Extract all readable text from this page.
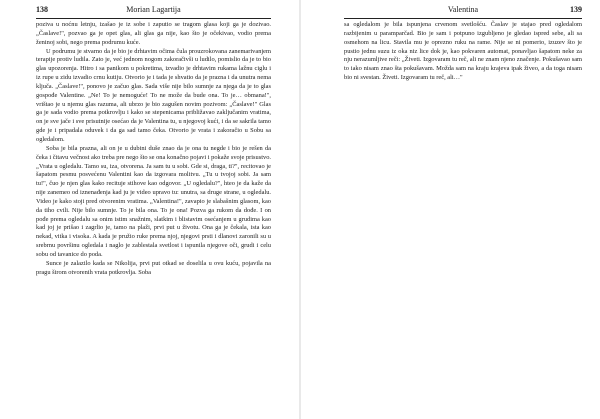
138	Morian Lagartija

poziva u noćnu letnju, izašao je iz sobe i zaputio se tragom glasa koji ga je dozivao. „Časlave!", pozvao ga je opet glas, ali glas ga nije, kao što je očekivao, vodio prema ženinoj sobi, nego prema podrumu kuće.

U podrumu je stvarno da je bio je drhtavim očima čula prouzrokovana zanemarivanjem terapije protiv ludila. Zato je, već jednom nogom zakoračivši u ludilo, pomislio da je to bio glas upozorenja. Hitro i sa panikom u pokretima, izvadio je drhtavim rukama lažnu ciglu i iz rupe u zidu izvadio crnu kutiju. Otvorio je i tada je shvatio da je prazna i da unutra nema ključa. „Časlave!", ponovo je začuo glas. Sada više nije bilo sumnje za njega da je to glas gospođe Valentine. „Ne! To je nemoguće! To ne može da bude ona. To je… obmana!", vrištao je u njemu glas razuma, ali ubrzo je bio zagušen novim pozivom: „Časlave!" Glas ga je sada vodio prema potkrovlju i kako se stepenicama približavao zaključanim vratima, on je sve jače i sve prisutnije osećao da je Valentina tu, u njegovoj kući, i da se sakrila tamo gde je i pripadala oduvek i da ga sad tamo čeka. Otvorio je vrata i zakoračio u Sobu sa ogledalom.

Soba je bila prazna, ali on je u dubini duše znao da je ona tu negde i bio je rešen da čeka i čitavu večnost ako treba pre nego što se ona konačno pojavi i pokaže svoje prisustvo. „Vrata u ogledalu. Tamo su, iza, otvorena. Ja sam tu u sobi. Gde si, draga, ti?", recitovao je šapatom pesmu posvećenu Valentini kao da izgovara molitvu. „Tu u tvojoj sobi. Ja sam tu!", čuo je njen glas kako recituje stihove kao odgovor. „U ogledalu?", hteo je da kaže da nije zanemeo od iznenađenja kad ju je video upravo tu: unutra, sa druge strane, u ogledalu. Video je kako stoji pred otvorenim vratima. „Valentina!", zavapio je slabašnim glasom, kao da tiho cvili. Nije bilo sumnje. To je bila ona. To je ona! Pozva ga rukom da dođe. I on pođe prema ogledalu sa onim istim snažnim, slatkim i blistavim osećanjem u grudima kao kad joj je prišao i zagrlio je, tamo na plaži, prvi put u životu. Ona ga je čekala, ista kao nekad, vitka i visoka. A kada je pružio ruke prema njoj, njegovi prsti i dlanovi zaronili su u srebrnu površinu ogledala i naglo je zablestala svetlost i ispunila njegove oči, grudi i celu sobu od tavanice do poda.

Sunce je zalazilo kada se Nikolija, prvi put otkad se doselila u ovu kuću, pojavila na pragu širom otvorenih vrata potkrovlja. Soba

Valentina	139

sa ogledalom je bila ispunjena crvenom svetlošću. Časlav je stajao pred ogledalom razbijenim u paramparčad. Bio je sam i potpuno izgubljeno je gledao ispred sebe, ali sa osmehom na licu. Stavila mu je oprezno ruku na rame. Nije se ni pomerio, izuzev što je pustio jednu suzu iz oka niz lice dok je, kao pokvaren automat, ponavljao šapatom neke za nju nerazumljive reči: „Živeti. Izgovaram tu reč, ali ne znam njeno značenje. Pokušavao sam to iako nisam znao šta pokušavam. Možda sam na kraju krajeva ipak živeo, a da toga nisam bio ni svestan. Živeti. Izgovaram tu reč, ali…"
